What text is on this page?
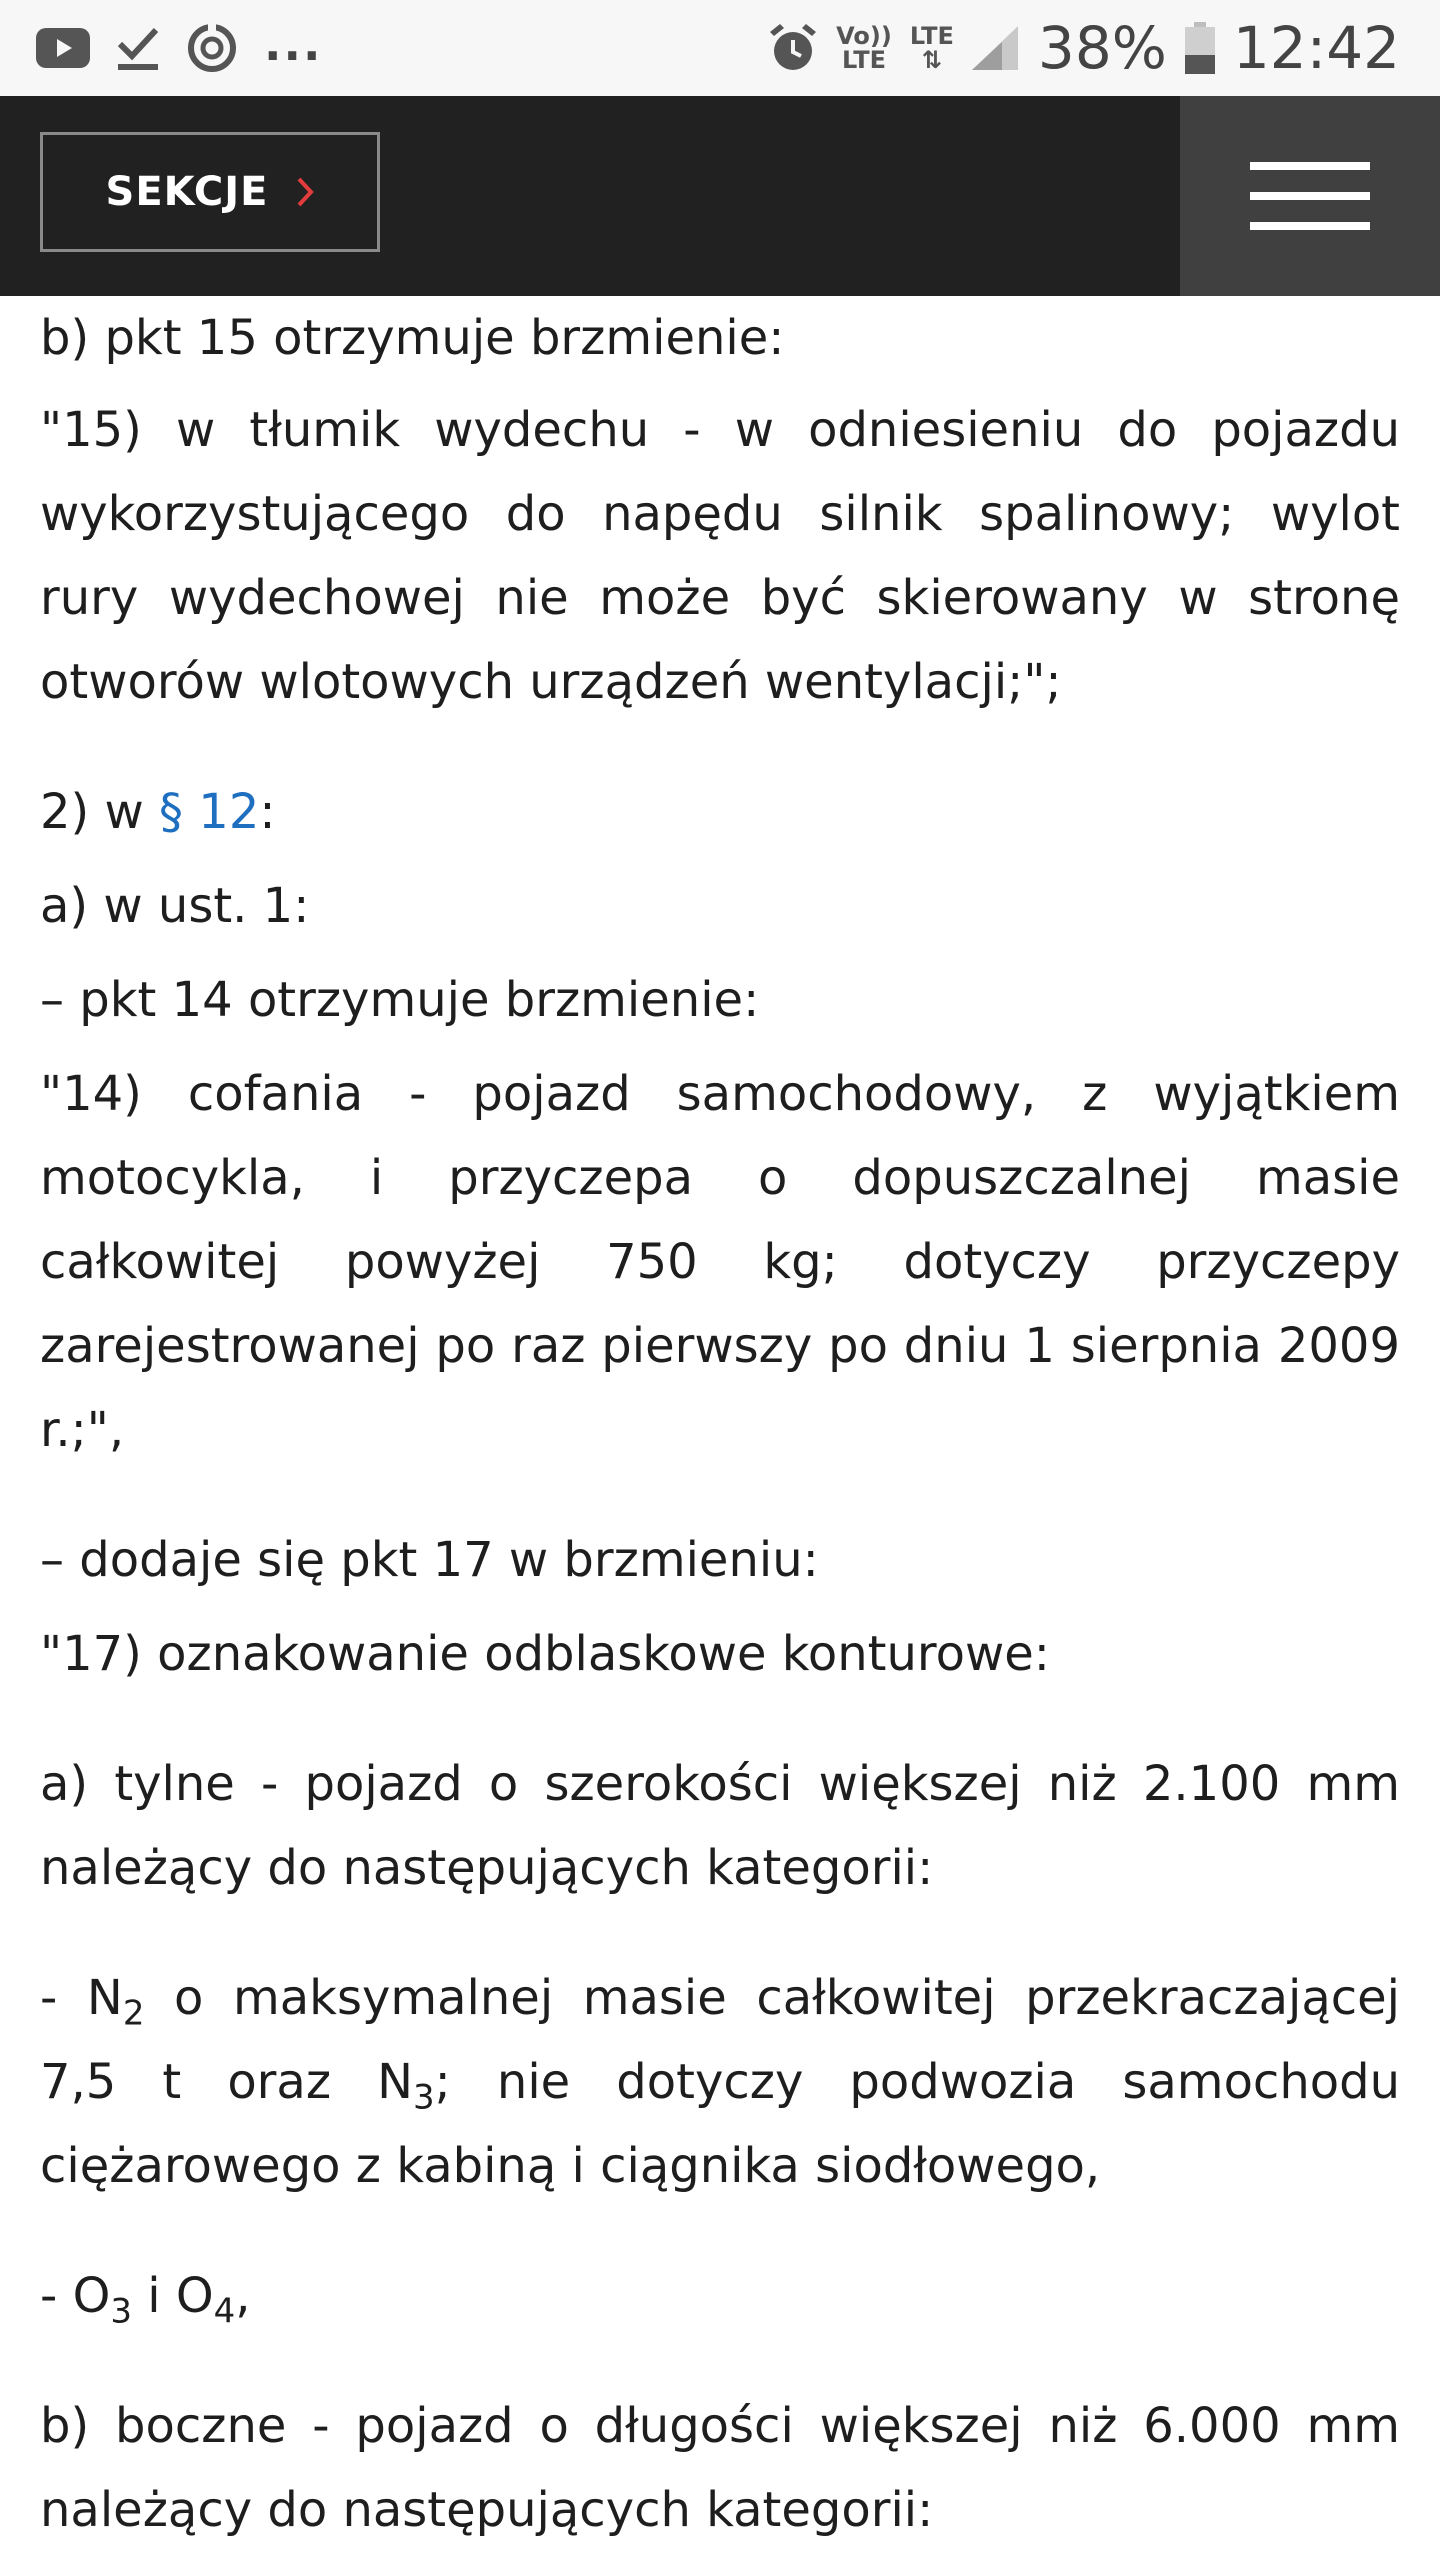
...	Vo))
LTE
LTE
⇅ 38% 12:42
SEKCJE

b) pkt 15 otrzymuje brzmienie:

"15) w tłumik wydechu - w odniesieniu do pojazdu wykorzystującego do napędu silnik spalinowy; wylot rury wydechowej nie może być skierowany w stronę otworów wlotowych urządzeń wentylacji;";

2) w § 12:

a) w ust. 1:

– pkt 14 otrzymuje brzmienie:

"14) cofania - pojazd samochodowy, z wyjątkiem motocykla, i przyczepa o dopuszczalnej masie całkowitej powyżej 750 kg; dotyczy przyczepy zarejestrowanej po raz pierwszy po dniu 1 sierpnia 2009 r.;",

– dodaje się pkt 17 w brzmieniu:

"17) oznakowanie odblaskowe konturowe:

a) tylne - pojazd o szerokości większej niż 2.100 mm należący do następujących kategorii:

- $N_2$ o maksymalnej masie całkowitej przekraczającej 7,5 t oraz $N_3$; nie dotyczy podwozia samochodu ciężarowego z kabiną i ciągnika siodłowego,

- $O_3$ i $O_4$,

b) boczne - pojazd o długości większej niż 6.000 mm należący do następujących kategorii:
